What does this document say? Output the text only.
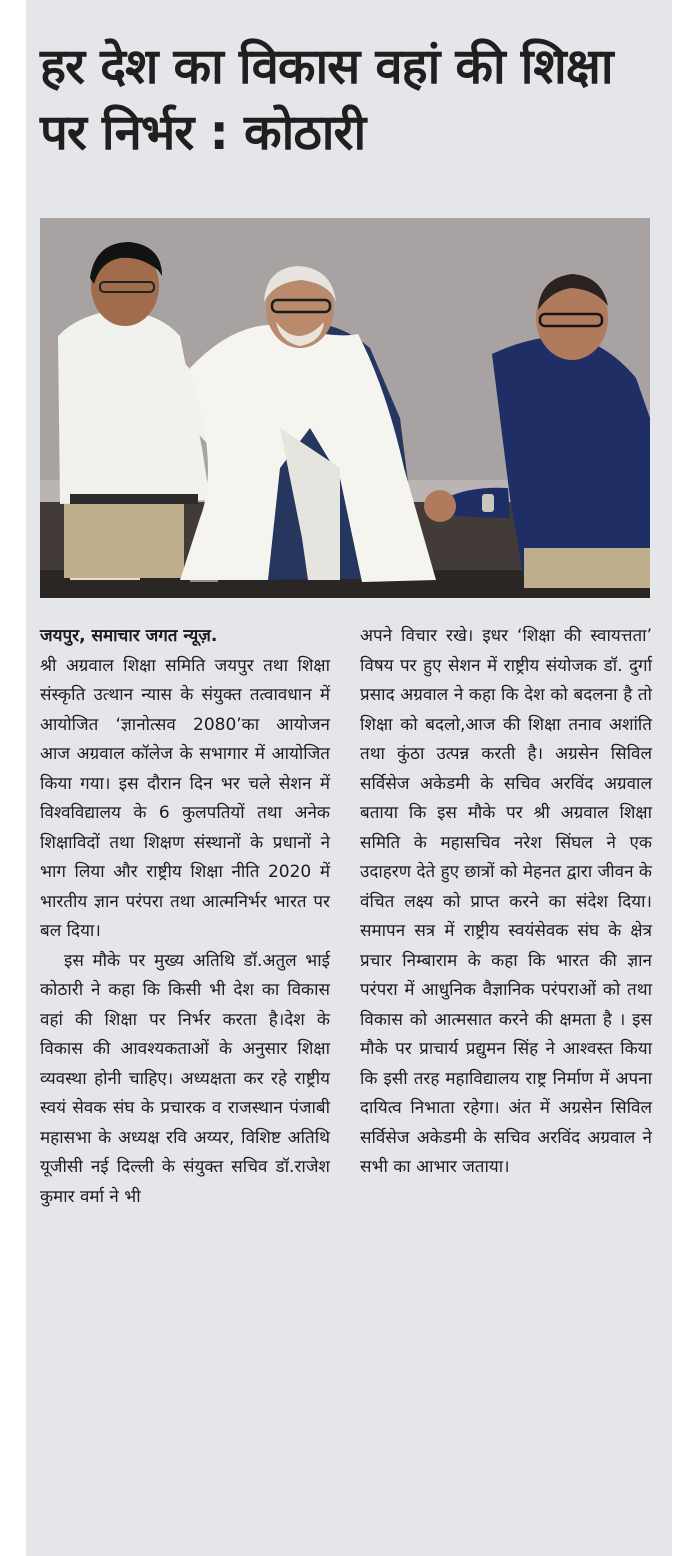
हर देश का विकास वहां की शिक्षा पर निर्भर : कोठारी

जयपुर, समाचार जगत न्यूज़.

श्री अग्रवाल शिक्षा समिति जयपुर तथा शिक्षा संस्कृति उत्थान न्यास के संयुक्त तत्वावधान में आयोजित ‘ज्ञानोत्सव 2080’का आयोजन आज अग्रवाल कॉलेज के सभागार में आयोजित किया गया। इस दौरान दिन भर चले सेशन में विश्वविद्यालय के 6 कुलपतियों तथा अनेक शिक्षाविदों तथा शिक्षण संस्थानों के प्रधानों ने भाग लिया और राष्ट्रीय शिक्षा नीति 2020 में भारतीय ज्ञान परंपरा तथा आत्मनिर्भर भारत पर बल दिया।

इस मौके पर मुख्य अतिथि डॉ.अतुल भाई कोठारी ने कहा कि किसी भी देश का विकास वहां की शिक्षा पर निर्भर करता है।देश के विकास की आवश्यकताओं के अनुसार शिक्षा व्यवस्था होनी चाहिए। अध्यक्षता कर रहे राष्ट्रीय स्वयं सेवक संघ के प्रचारक व राजस्थान पंजाबी महासभा के अध्यक्ष रवि अय्यर, विशिष्ट अतिथि यूजीसी नई दिल्ली के संयुक्त सचिव डॉ.राजेश कुमार वर्मा ने भी

अपने विचार रखे। इधर ‘शिक्षा की स्वायत्तता’ विषय पर हुए सेशन में राष्ट्रीय संयोजक डॉ. दुर्गा प्रसाद अग्रवाल ने कहा कि देश को बदलना है तो शिक्षा को बदलो,आज की शिक्षा तनाव अशांति तथा कुंठा उत्पन्न करती है। अग्रसेन सिविल सर्विसेज अकेडमी के सचिव अरविंद अग्रवाल बताया कि इस मौके पर श्री अग्रवाल शिक्षा समिति के महासचिव नरेश सिंघल ने एक उदाहरण देते हुए छात्रों को मेहनत द्वारा जीवन के वंचित लक्ष्य को प्राप्त करने का संदेश दिया। समापन सत्र में राष्ट्रीय स्वयंसेवक संघ के क्षेत्र प्रचार निम्बाराम के कहा कि भारत की ज्ञान परंपरा में आधुनिक वैज्ञानिक परंपराओं को तथा विकास को आत्मसात करने की क्षमता है । इस मौके पर प्राचार्य प्रद्युमन सिंह ने आश्वस्त किया कि इसी तरह महाविद्यालय राष्ट्र निर्माण में अपना दायित्व निभाता रहेगा। अंत में अग्रसेन सिविल सर्विसेज अकेडमी के सचिव अरविंद अग्रवाल ने सभी का आभार जताया।
